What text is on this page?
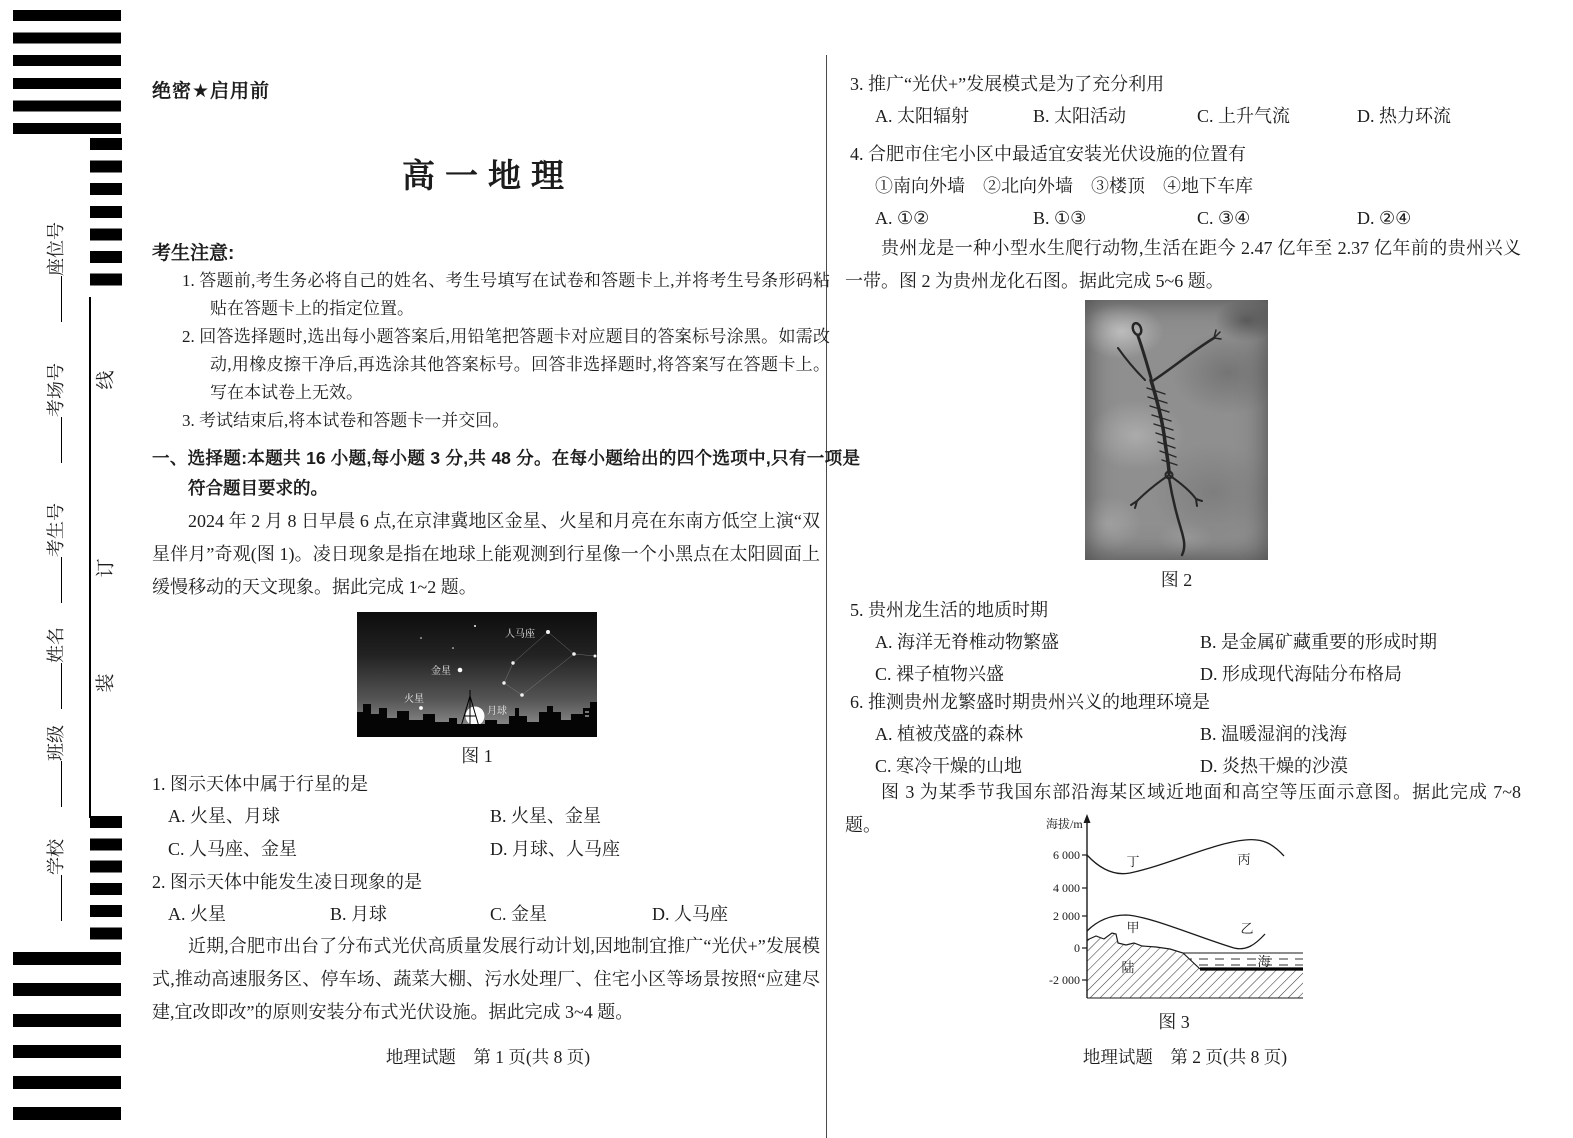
座位号
考场号
考生号
姓名
班级
学校
线
订
装
绝密★启用前
高一地理
考生注意:
1. 答题前,考生务必将自己的姓名、考生号填写在试卷和答题卡上,并将考生号条形码粘贴在答题卡上的指定位置。
2. 回答选择题时,选出每小题答案后,用铅笔把答题卡对应题目的答案标号涂黑。如需改动,用橡皮擦干净后,再选涂其他答案标号。回答非选择题时,将答案写在答题卡上。写在本试卷上无效。
3. 考试结束后,将本试卷和答题卡一并交回。
一、选择题:本题共 16 小题,每小题 3 分,共 48 分。在每小题给出的四个选项中,只有一项是符合题目要求的。
2024 年 2 月 8 日早晨 6 点,在京津冀地区金星、火星和月亮在东南方低空上演“双星伴月”奇观(图 1)。凌日现象是指在地球上能观测到行星像一个小黑点在太阳圆面上缓慢移动的天文现象。据此完成 1~2 题。
人马座
金星
火星
月球
图 1
1. 图示天体中属于行星的是
A. 火星、月球	B. 火星、金星
C. 人马座、金星	D. 月球、人马座
2. 图示天体中能发生凌日现象的是
A. 火星	B. 月球	C. 金星	D. 人马座
近期,合肥市出台了分布式光伏高质量发展行动计划,因地制宜推广“光伏+”发展模式,推动高速服务区、停车场、蔬菜大棚、污水处理厂、住宅小区等场景按照“应建尽建,宜改即改”的原则安装分布式光伏设施。据此完成 3~4 题。
地理试题　第 1 页(共 8 页)
3. 推广“光伏+”发展模式是为了充分利用
A. 太阳辐射	B. 太阳活动	C. 上升气流	D. 热力环流
4. 合肥市住宅小区中最适宜安装光伏设施的位置有
①南向外墙　②北向外墙　③楼顶　④地下车库
A. ①②	B. ①③	C. ③④	D. ②④
贵州龙是一种小型水生爬行动物,生活在距今 2.47 亿年至 2.37 亿年前的贵州兴义一带。图 2 为贵州龙化石图。据此完成 5~6 题。
图 2
5. 贵州龙生活的地质时期
A. 海洋无脊椎动物繁盛	B. 是金属矿藏重要的形成时期
C. 裸子植物兴盛	D. 形成现代海陆分布格局
6. 推测贵州龙繁盛时期贵州兴义的地理环境是
A. 植被茂盛的森林	B. 温暖湿润的浅海
C. 寒冷干燥的山地	D. 炎热干燥的沙漠
图 3 为某季节我国东部沿海某区域近地面和高空等压面示意图。据此完成 7~8 题。
6 000
4 000
2 000
0
-2 000
海拔/m
丁	丙
甲	乙
陆	海
图 3
地理试题　第 2 页(共 8 页)
